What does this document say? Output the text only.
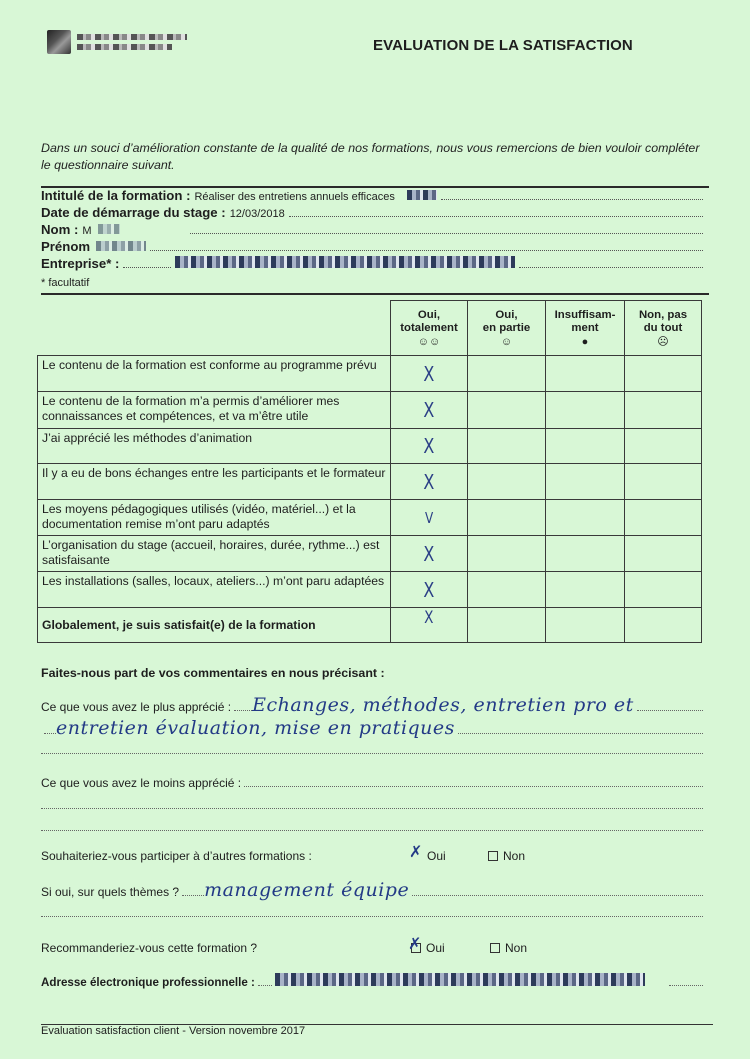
EVALUATION DE LA SATISFACTION
Dans un souci d’amélioration constante de la qualité de nos formations, nous vous remercions de bien vouloir compléter le questionnaire suivant.
Intitulé de la formation : Réaliser des entretiens annuels efficaces
Date de démarrage du stage : 12/03/2018
Nom : M
Prénom
Entreprise* :
* facultatif
	Oui,
totalement
☺☺	Oui,
en partie
☺	Insuffisam-
ment
●	Non, pas
du tout
☹

Le contenu de la formation est conforme au programme prévu	X			
Le contenu de la formation m’a permis d’améliorer mes connaissances et compétences, et va m’être utile	X			
J’ai apprécié les méthodes d’animation	X			
Il y a eu de bons échanges entre les participants et le formateur	X			
Les moyens pédagogiques utilisés (vidéo, matériel...) et la documentation remise m’ont paru adaptés	V			
L’organisation du stage (accueil, horaires, durée, rythme...) est satisfaisante	X			
Les installations (salles, locaux, ateliers...) m’ont paru adaptées	X			
Globalement, je suis satisfait(e) de la formation	X			
Faites-nous part de vos commentaires en nous précisant :
Ce que vous avez le plus apprécié : Echanges, méthodes, entretien pro et
entretien évaluation, mise en pratiques
Ce que vous avez le moins apprécié :
Souhaiteriez-vous participer à d’autres formations : ✗	Oui	Non
Si oui, sur quels thèmes ? management équipe
Recommanderiez-vous cette formation ? ✗	Oui	Non
Adresse électronique professionnelle :
Evaluation satisfaction client - Version novembre 2017
